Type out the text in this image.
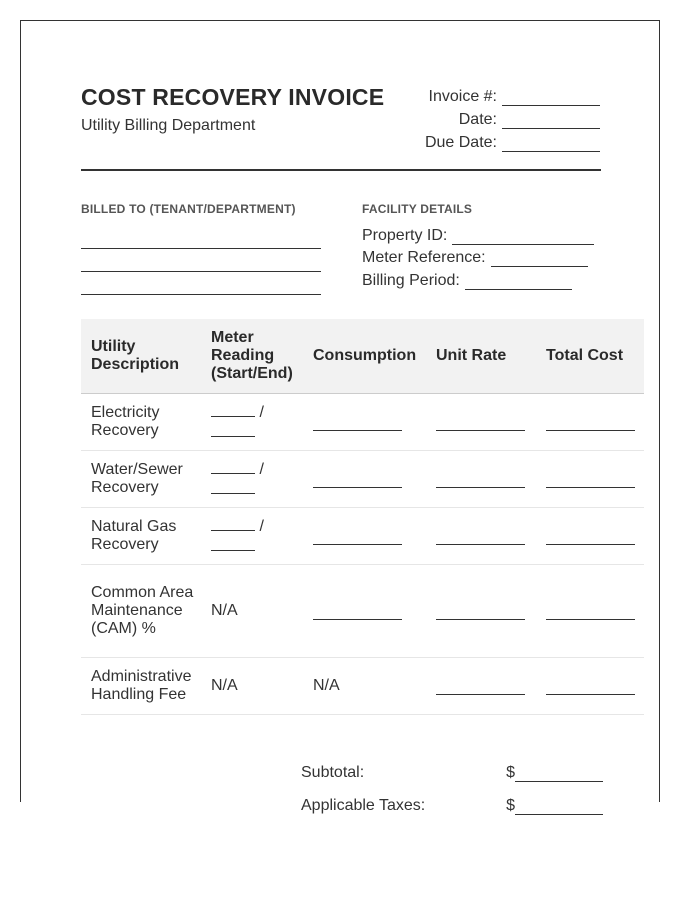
COST RECOVERY INVOICE
Utility Billing Department
Invoice #:
Date:
Due Date:
BILLED TO (TENANT/DEPARTMENT)	FACILITY DETAILS
Property ID:
Meter Reference:
Billing Period:
Utility Description	Meter Reading (Start/End)	Consumption	Unit Rate	Total Cost
Electricity Recovery	/			

Water/Sewer Recovery	/			

Natural Gas Recovery	/			

Common Area Maintenance (CAM) %	N/A			
Administrative Handling Fee	N/A	N/A		
Subtotal:	$
Applicable Taxes:	$
